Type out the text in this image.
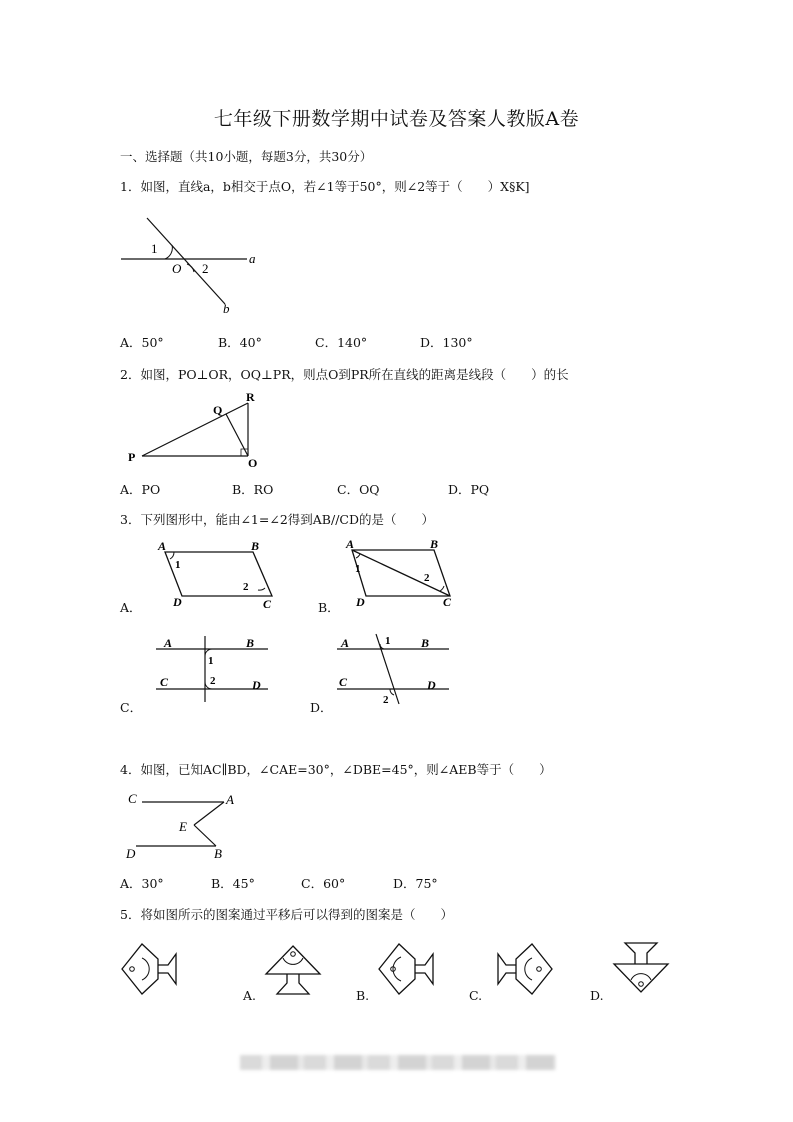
七年级下册数学期中试卷及答案人教版A卷
一、选择题（共10小题，每题3分，共30分）
1．如图，直线a，b相交于点O，若∠1等于50°，则∠2等于（　　）X§K]
1
2
O
a
b
A．50°	B．40°	C．140°	D．130°
2．如图，PO⊥OR，OQ⊥PR，则点O到PR所在直线的距离是线段（　　）的长
R
Q
P	O
A．PO	B．RO	C．OQ	D．PQ
3．下列图形中，能由∠1=∠2得到AB//CD的是（　　）
A	B
C
D
1
2
A．
A	B
C
D
1
2
B．
A	B
C	D
1
2
C．
A	B
C	D
1
2
D．
4．如图，已知AC∥BD，∠CAE=30°，∠DBE=45°，则∠AEB等于（　　）
C	A
E
D	B
A．30°	B．45°	C．60°	D．75°
5．将如图所示的图案通过平移后可以得到的图案是（　　）
A.	B.	C.	D.
